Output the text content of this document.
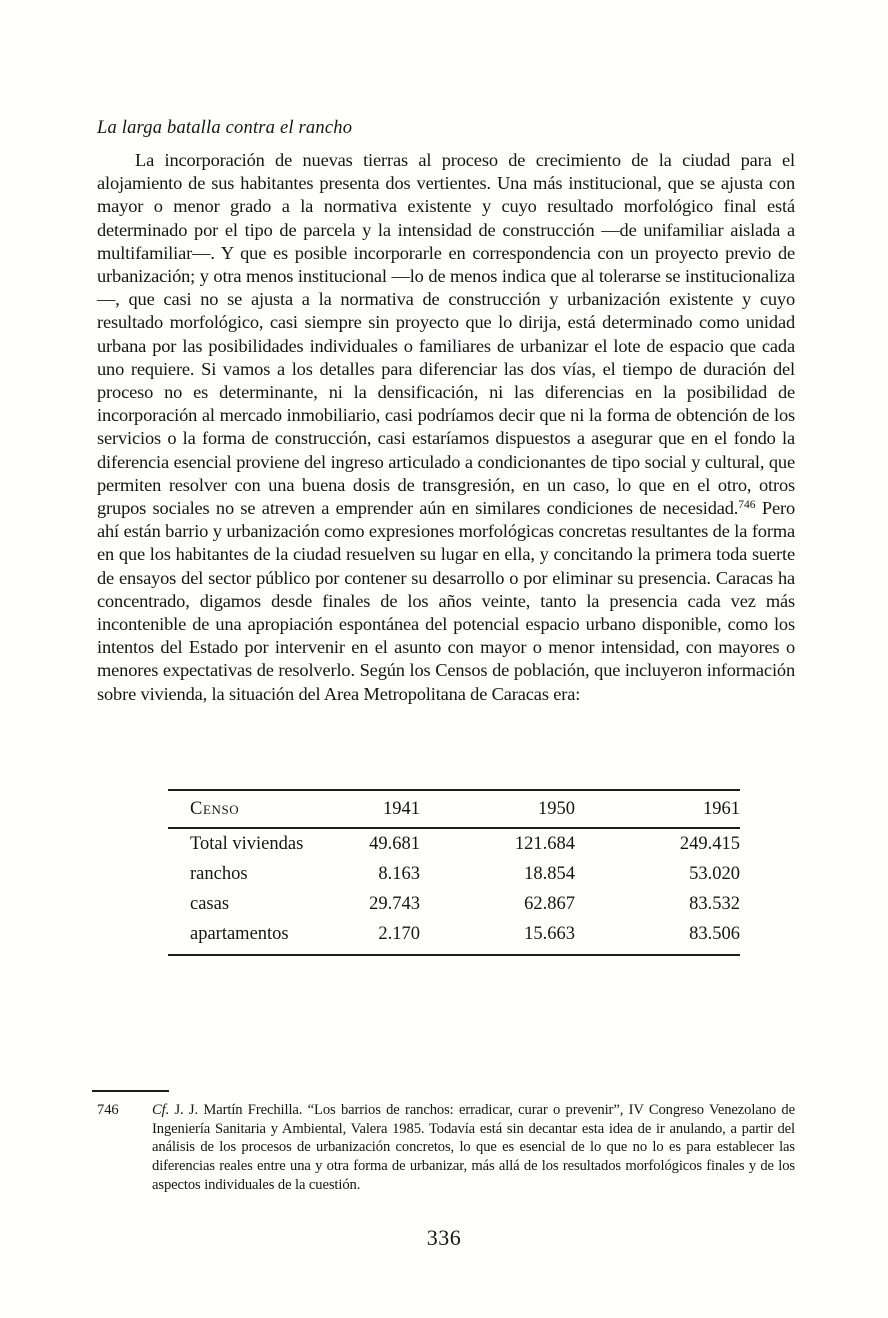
La larga batalla contra el rancho
La incorporación de nuevas tierras al proceso de crecimiento de la ciudad para el alojamiento de sus habitantes presenta dos vertientes. Una más institucional, que se ajusta con mayor o menor grado a la normativa existente y cuyo resultado morfológico final está determinado por el tipo de parcela y la intensidad de construcción —de unifamiliar aislada a multifamiliar—. Y que es posible incorporarle en correspondencia con un proyecto previo de urbanización; y otra menos institucional —lo de menos indica que al tolerarse se institucionaliza—, que casi no se ajusta a la normativa de construcción y urbanización existente y cuyo resultado morfológico, casi siempre sin proyecto que lo dirija, está determinado como unidad urbana por las posibilidades individuales o familiares de urbanizar el lote de espacio que cada uno requiere. Si vamos a los detalles para diferenciar las dos vías, el tiempo de duración del proceso no es determinante, ni la densificación, ni las diferencias en la posibilidad de incorporación al mercado inmobiliario, casi podríamos decir que ni la forma de obtención de los servicios o la forma de construcción, casi estaríamos dispuestos a asegurar que en el fondo la diferencia esencial proviene del ingreso articulado a condicionantes de tipo social y cultural, que permiten resolver con una buena dosis de transgresión, en un caso, lo que en el otro, otros grupos sociales no se atreven a emprender aún en similares condiciones de necesidad.$^{746}$ Pero ahí están barrio y urbanización como expresiones morfológicas concretas resultantes de la forma en que los habitantes de la ciudad resuelven su lugar en ella, y concitando la primera toda suerte de ensayos del sector público por contener su desarrollo o por eliminar su presencia. Caracas ha concentrado, digamos desde finales de los años veinte, tanto la presencia cada vez más incontenible de una apropiación espontánea del potencial espacio urbano disponible, como los intentos del Estado por intervenir en el asunto con mayor o menor intensidad, con mayores o menores expectativas de resolverlo. Según los Censos de población, que incluyeron información sobre vivienda, la situación del Area Metropolitana de Caracas era:
Censo	1941	1950	1961
Total viviendas	49.681	121.684	249.415
ranchos	8.163	18.854	53.020
casas	29.743	62.867	83.532
apartamentos	2.170	15.663	83.506
746 Cf. J. J. Martín Frechilla. “Los barrios de ranchos: erradicar, curar o prevenir”, IV Congreso Venezolano de Ingeniería Sanitaria y Ambiental, Valera 1985. Todavía está sin decantar esta idea de ir anulando, a partir del análisis de los procesos de urbanización concretos, lo que es esencial de lo que no lo es para establecer las diferencias reales entre una y otra forma de urbanizar, más allá de los resultados morfológicos finales y de los aspectos individuales de la cuestión.
336
